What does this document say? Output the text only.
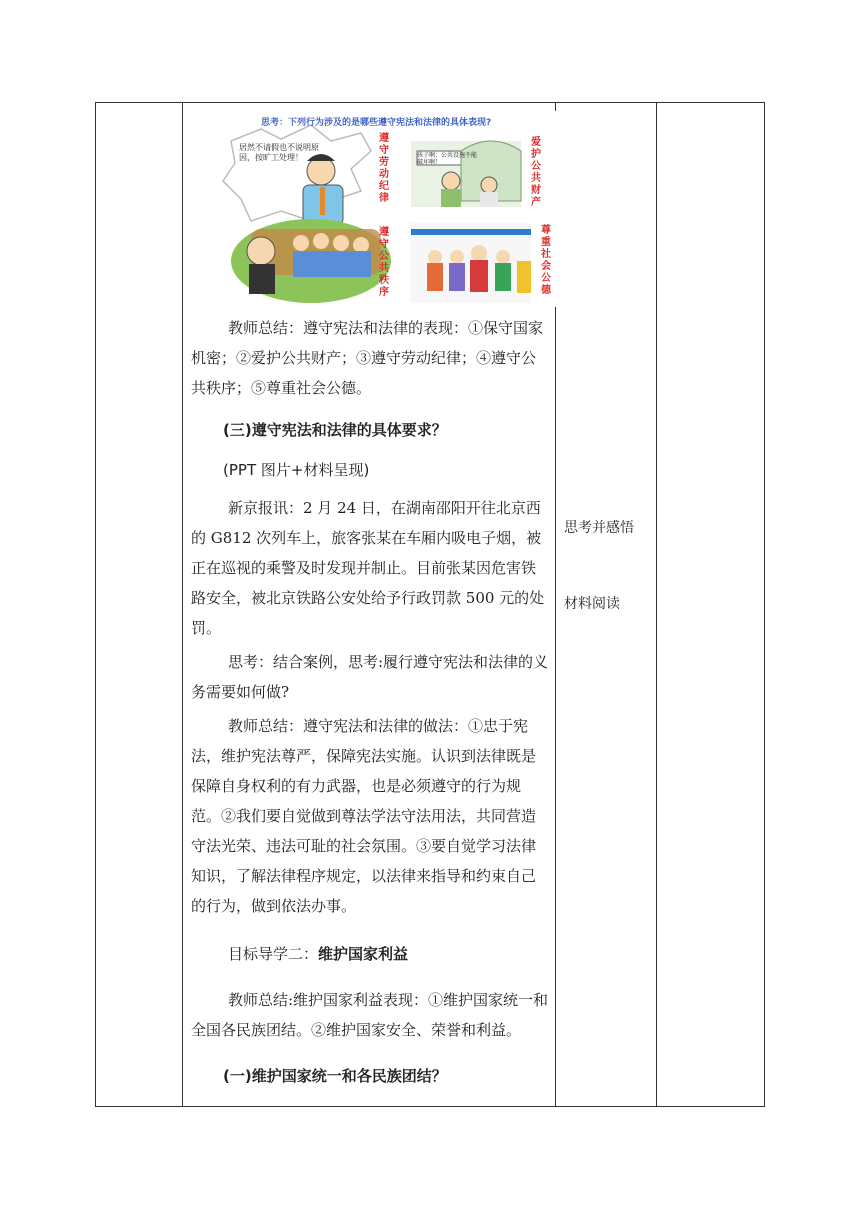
思考：下列行为涉及的是哪些遵守宪法和法律的具体表现?
居然不请假也不说明原因，按旷工处理！	孩子啊：公共设施不能破坏啊！
遵守劳动纪律
爱护公共财产
遵守公共秩序
尊重社会公德

教师总结：遵守宪法和法律的表现：①保守国家机密；②爱护公共财产；③遵守劳动纪律；④遵守公共秩序；⑤尊重社会公德。

(三)遵守宪法和法律的具体要求？

(PPT 图片+材料呈现)

新京报讯：2 月 24 日，在湖南邵阳开往北京西的 G812 次列车上，旅客张某在车厢内吸电子烟，被正在巡视的乘警及时发现并制止。目前张某因危害铁路安全，被北京铁路公安处给予行政罚款 500 元的处罚。

思考：结合案例，思考:履行遵守宪法和法律的义务需要如何做?

教师总结：遵守宪法和法律的做法：①忠于宪法，维护宪法尊严，保障宪法实施。认识到法律既是保障自身权利的有力武器，也是必须遵守的行为规范。②我们要自觉做到尊法学法守法用法，共同营造守法光荣、违法可耻的社会氛围。③要自觉学习法律知识，了解法律程序规定，以法律来指导和约束自己的行为，做到依法办事。

目标导学二：维护国家利益

教师总结:维护国家利益表现：①维护国家统一和全国各民族团结。②维护国家安全、荣誉和利益。

(一)维护国家统一和各民族团结？

思考并感悟
材料阅读
